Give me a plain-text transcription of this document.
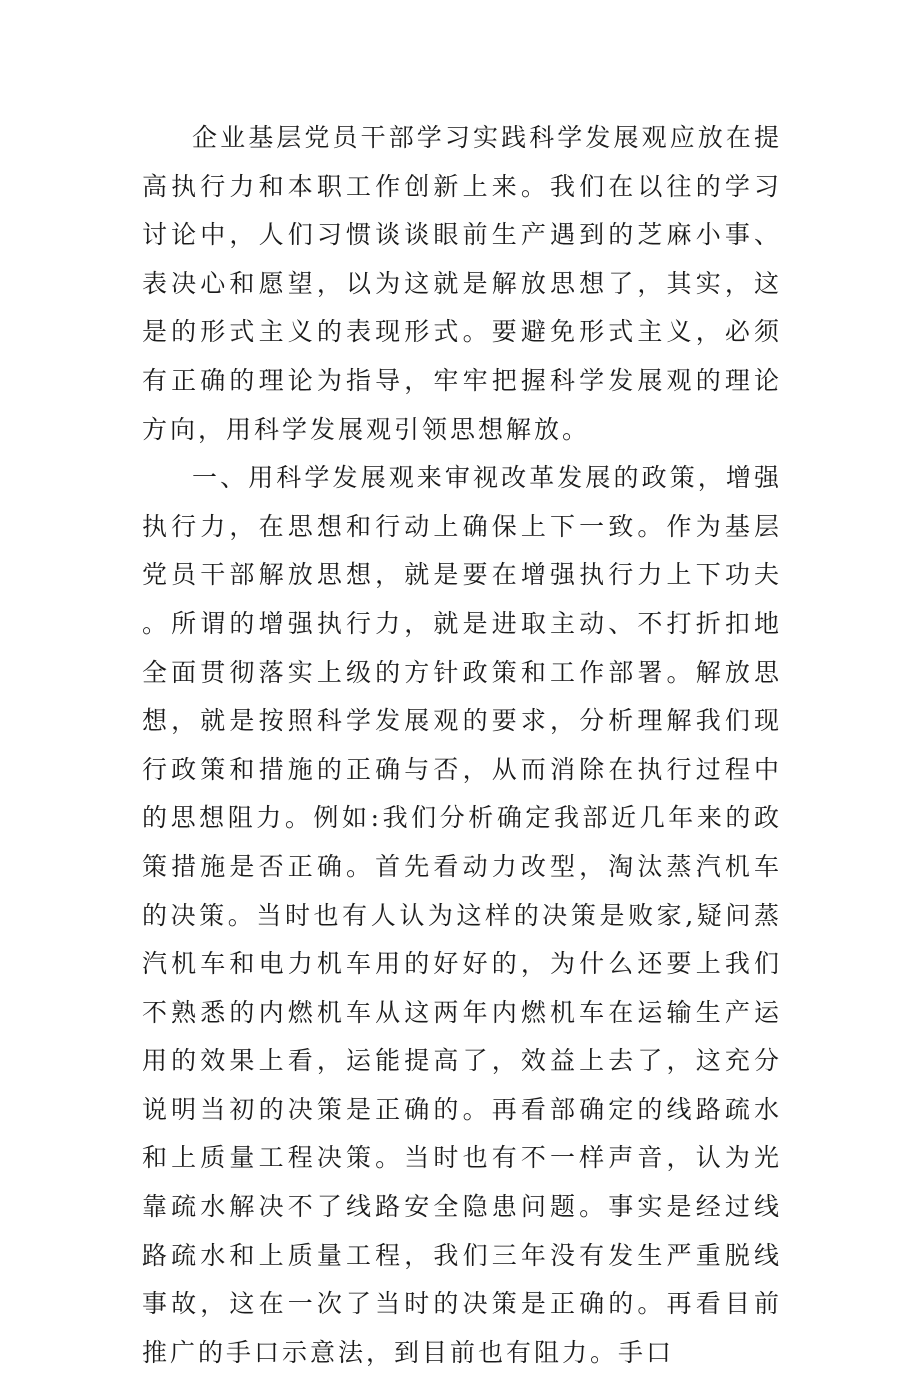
企业基层党员干部学习实践科学发展观应放在提高执行力和本职工作创新上来。我们在以往的学习讨论中，人们习惯谈谈眼前生产遇到的芝麻小事、表决心和愿望，以为这就是解放思想了，其实，这是的形式主义的表现形式。要避免形式主义，必须有正确的理论为指导，牢牢把握科学发展观的理论方向，用科学发展观引领思想解放。

一、用科学发展观来审视改革发展的政策，增强执行力，在思想和行动上确保上下一致。作为基层党员干部解放思想，就是要在增强执行力上下功夫。所谓的增强执行力，就是进取主动、不打折扣地全面贯彻落实上级的方针政策和工作部署。解放思想，就是按照科学发展观的要求，分析理解我们现行政策和措施的正确与否，从而消除在执行过程中的思想阻力。例如:我们分析确定我部近几年来的政策措施是否正确。首先看动力改型，淘汰蒸汽机车的决策。当时也有人认为这样的决策是败家,疑问蒸汽机车和电力机车用的好好的，为什么还要上我们不熟悉的内燃机车从这两年内燃机车在运输生产运用的效果上看，运能提高了，效益上去了，这充分说明当初的决策是正确的。再看部确定的线路疏水和上质量工程决策。当时也有不一样声音，认为光靠疏水解决不了线路安全隐患问题。事实是经过线路疏水和上质量工程，我们三年没有发生严重脱线事故，这在一次了当时的决策是正确的。再看目前推广的手口示意法，到目前也有阻力。手口
